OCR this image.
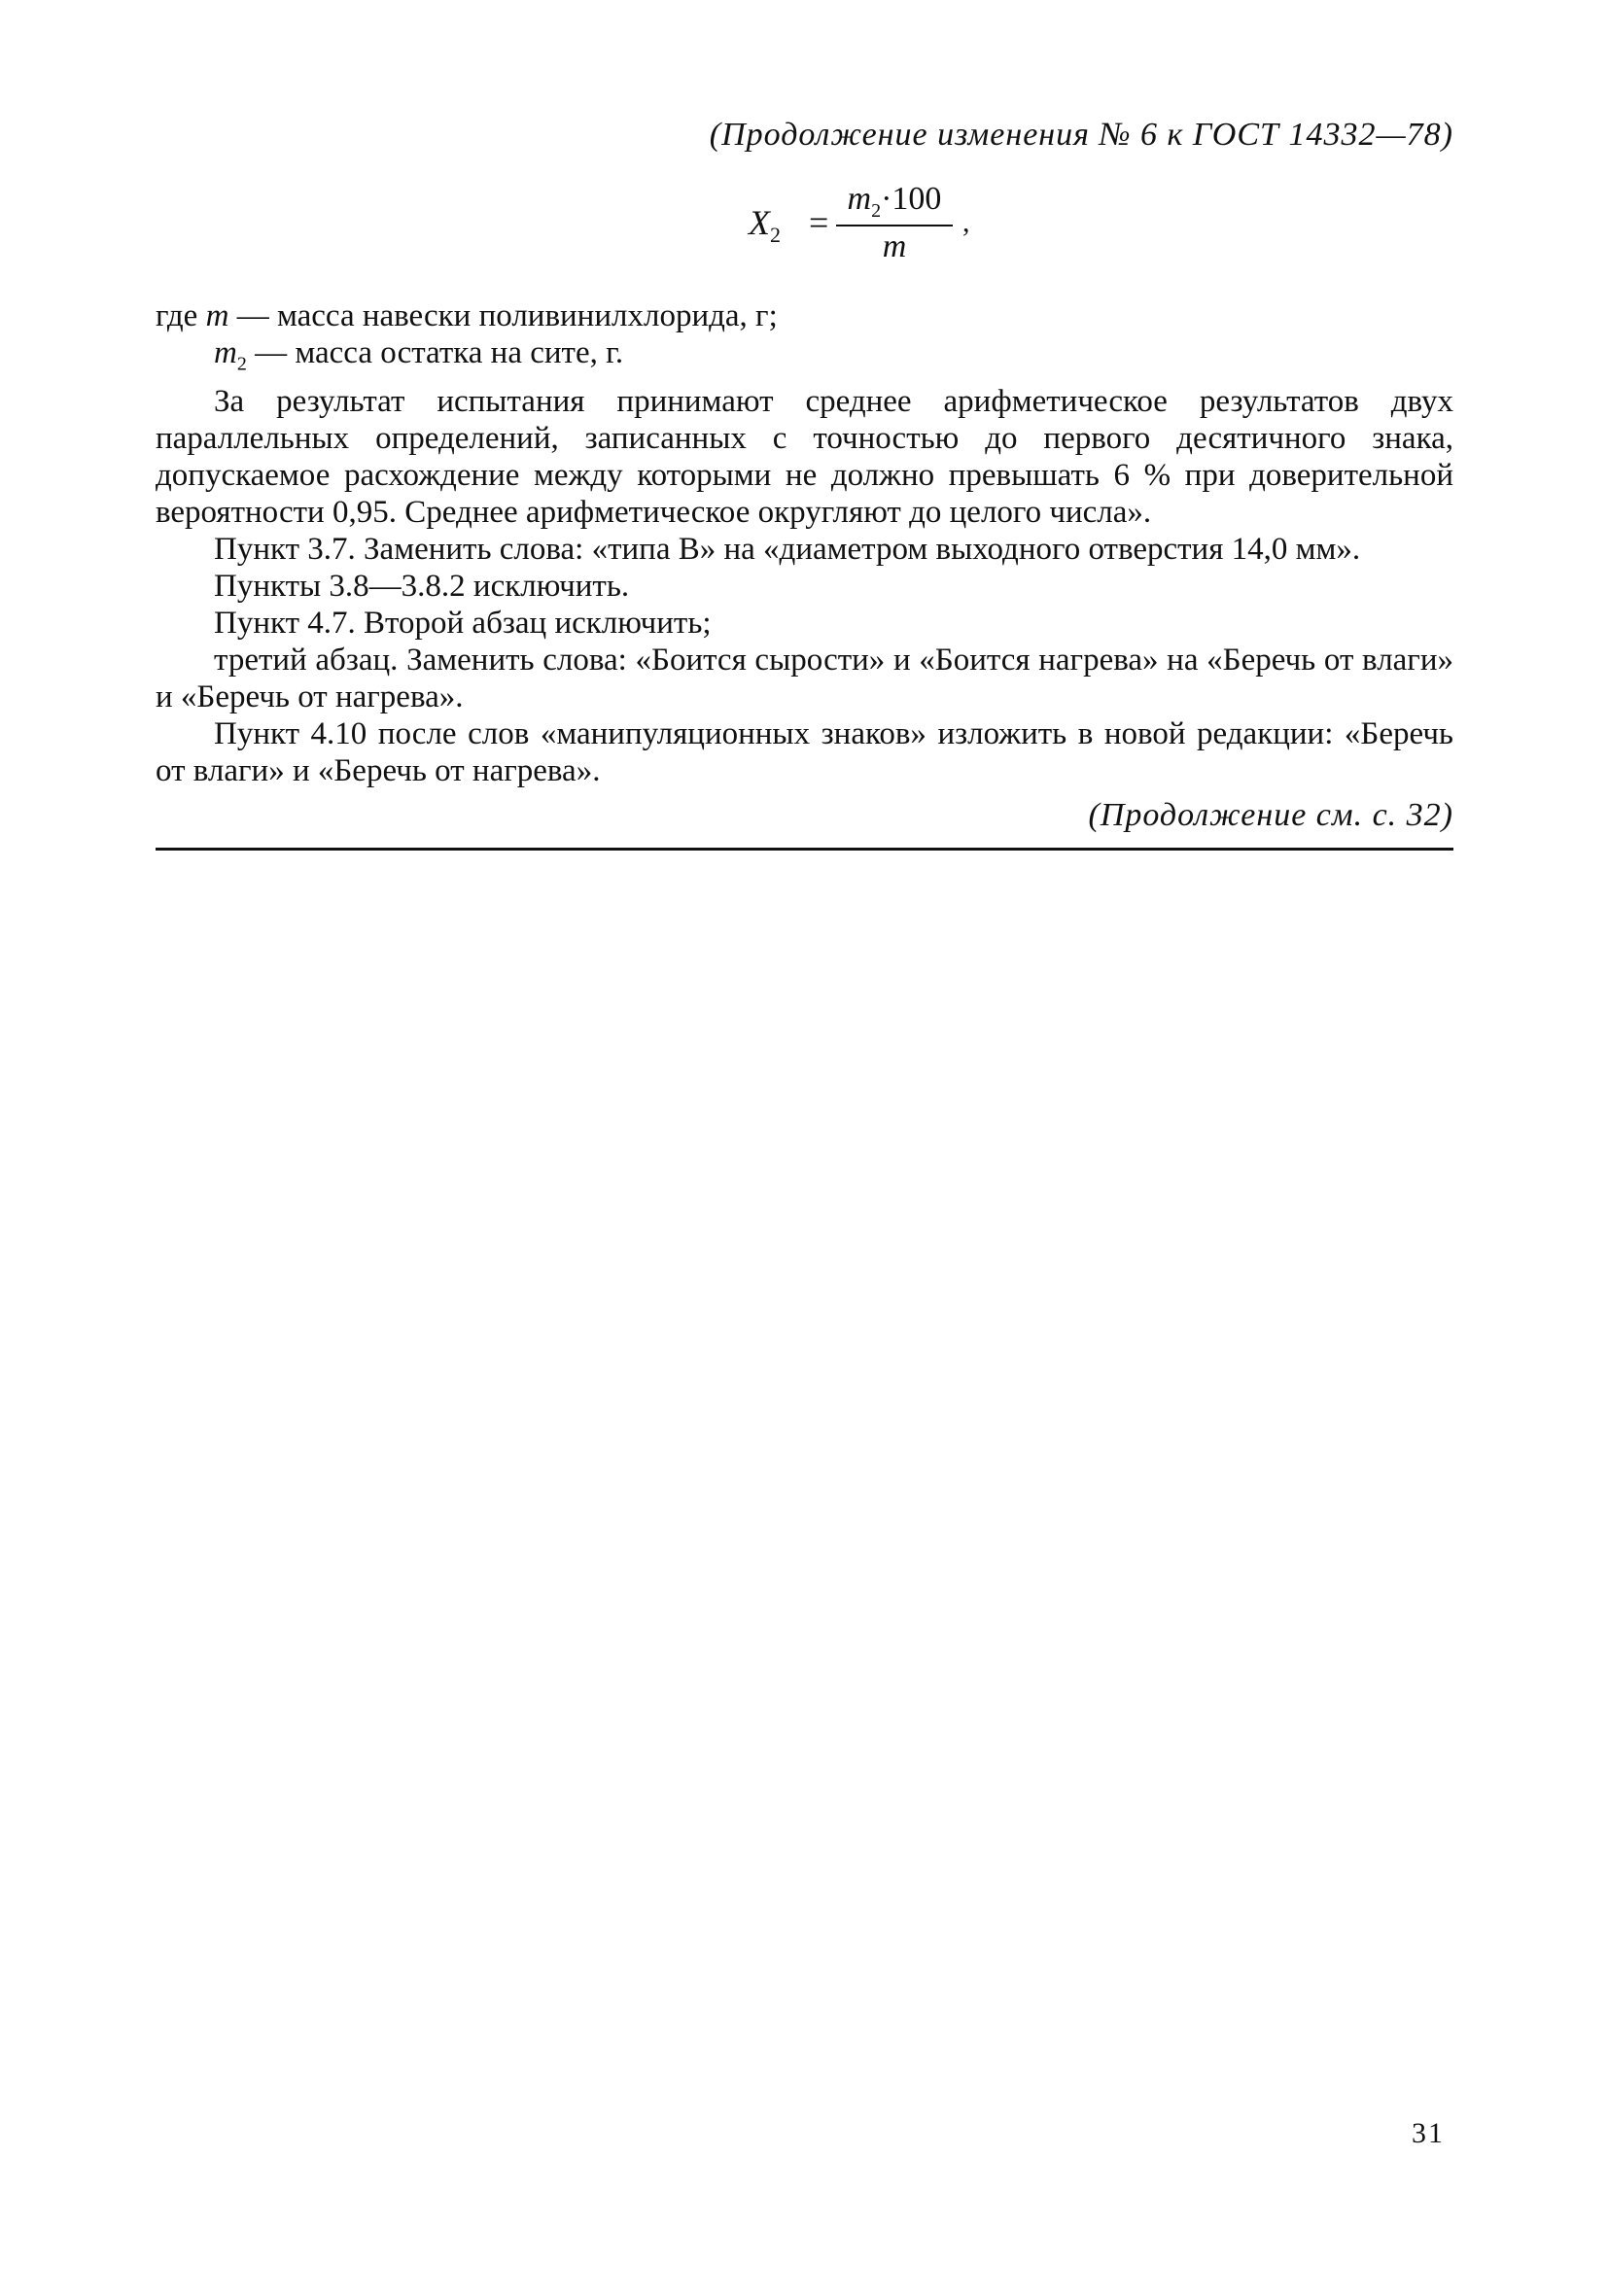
(Продолжение изменения № 6 к ГОСТ 14332—78)
$X_2 = \frac{m_2\cdot 100}{m}$ ,

где m — масса навески поливинилхлорида, г;

$m_2$ — масса остатка на сите, г.

За результат испытания принимают среднее арифметическое результатов двух параллельных определений, записанных с точностью до первого десятичного знака, допускаемое расхождение между которыми не должно превышать 6 % при доверительной вероятности 0,95. Среднее арифметическое округляют до целого числа».

Пункт 3.7. Заменить слова: «типа В» на «диаметром выходного отверстия 14,0 мм».

Пункты 3.8—3.8.2 исключить.

Пункт 4.7. Второй абзац исключить;

третий абзац. Заменить слова: «Боится сырости» и «Боится нагрева» на «Беречь от влаги» и «Беречь от нагрева».

Пункт 4.10 после слов «манипуляционных знаков» изложить в новой редакции: «Беречь от влаги» и «Беречь от нагрева».

(Продолжение см. с. 32)
31
